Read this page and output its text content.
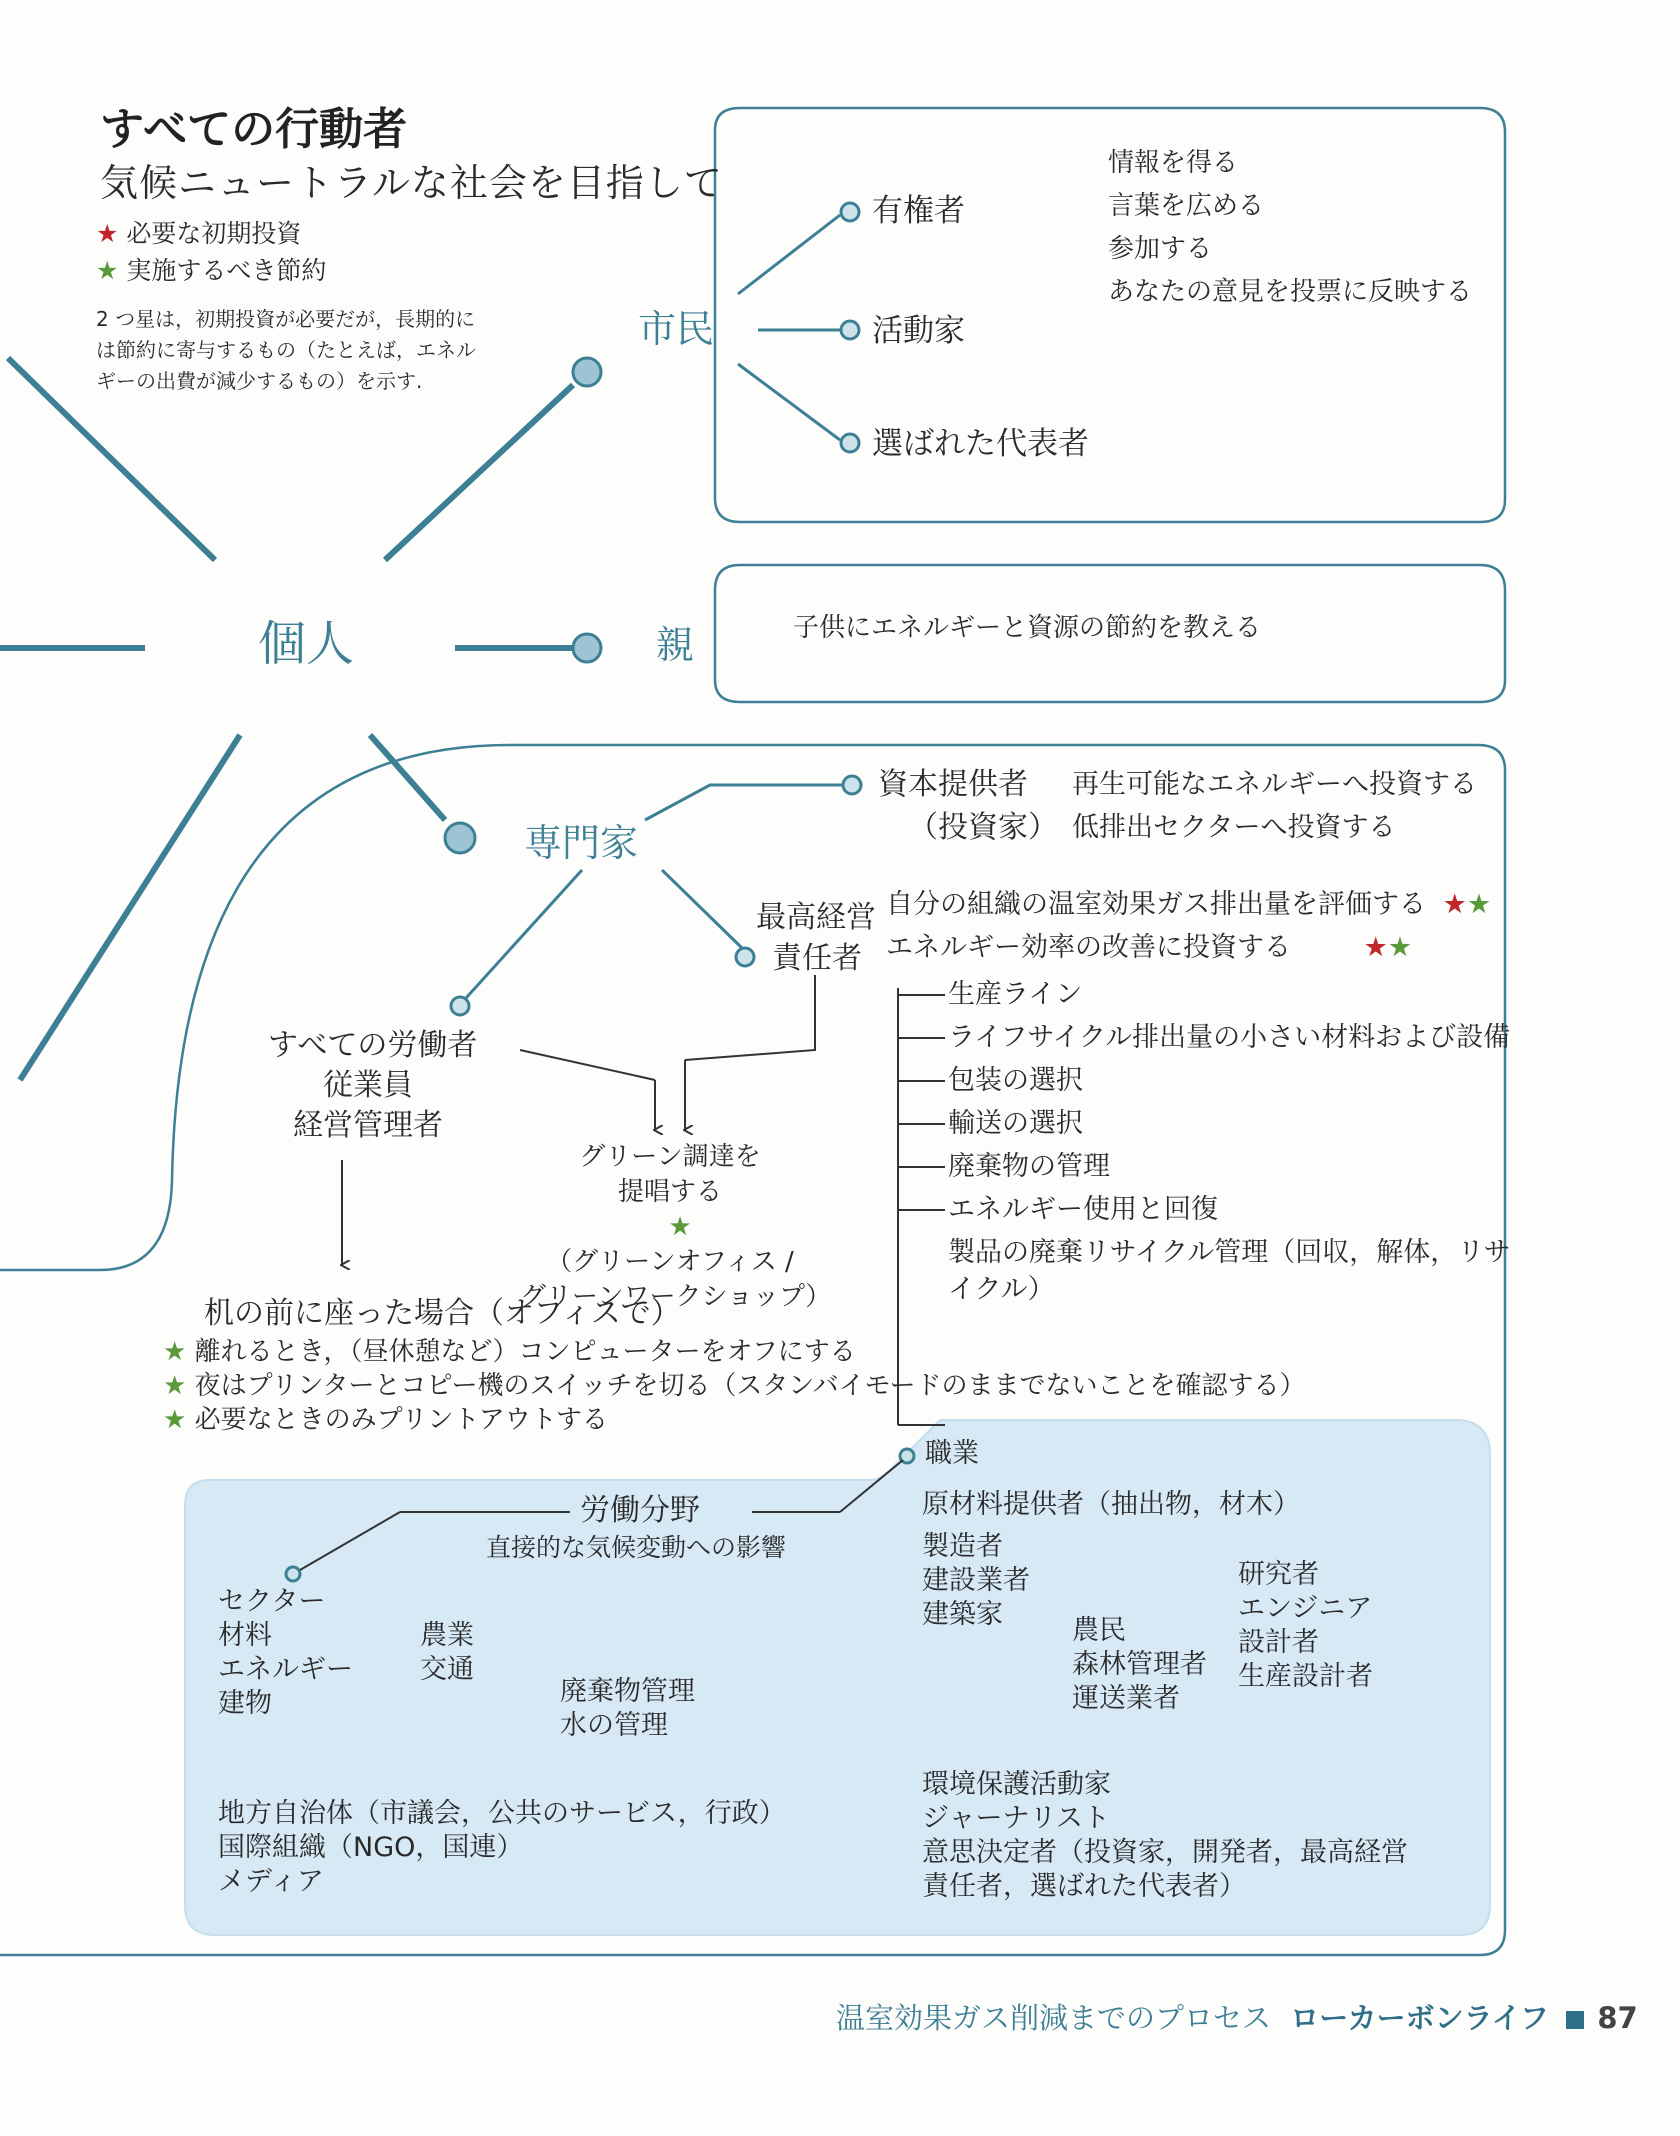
すべての行動者
気候ニュートラルな社会を目指して
★ 必要な初期投資
★ 実施するべき節約
2 つ星は，初期投資が必要だが，長期的に
は節約に寄与するもの（たとえば，エネル
ギーの出費が減少するもの）を示す.
個人
市民
有権者
活動家
選ばれた代表者
情報を得る
言葉を広める
参加する
あなたの意見を投票に反映する
親	子供にエネルギーと資源の節約を教える
専門家
資本提供者
（投資家）
再生可能なエネルギーへ投資する
低排出セクターへ投資する
最高経営
責任者
自分の組織の温室効果ガス排出量を評価する ★★
エネルギー効率の改善に投資する	★★
生産ライン
ライフサイクル排出量の小さい材料および設備
包装の選択
輸送の選択
廃棄物の管理
エネルギー使用と回復
製品の廃棄リサイクル管理（回収，解体，リサ
イクル）
すべての労働者
従業員
経営管理者
グリーン調達を
提唱する
★
（グリーンオフィス /
グリーンワークショップ）
机の前に座った場合（オフィスで）
★ 離れるとき，（昼休憩など）コンピューターをオフにする
★ 夜はプリンターとコピー機のスイッチを切る（スタンバイモードのままでないことを確認する）
★ 必要なときのみプリントアウトする
労働分野
直接的な気候変動への影響
セクター
材料
エネルギー
建物
農業
交通
廃棄物管理
水の管理
地方自治体（市議会，公共のサービス，行政）
国際組織（NGO，国連）
メディア
職業
原材料提供者（抽出物，材木）
製造者
建設業者
建築家
農民
森林管理者
運送業者
研究者
エンジニア
設計者
生産設計者
環境保護活動家
ジャーナリスト
意思決定者（投資家，開発者，最高経営
責任者，選ばれた代表者）
温室効果ガス削減までのプロセス ローカーボンライフ 87
